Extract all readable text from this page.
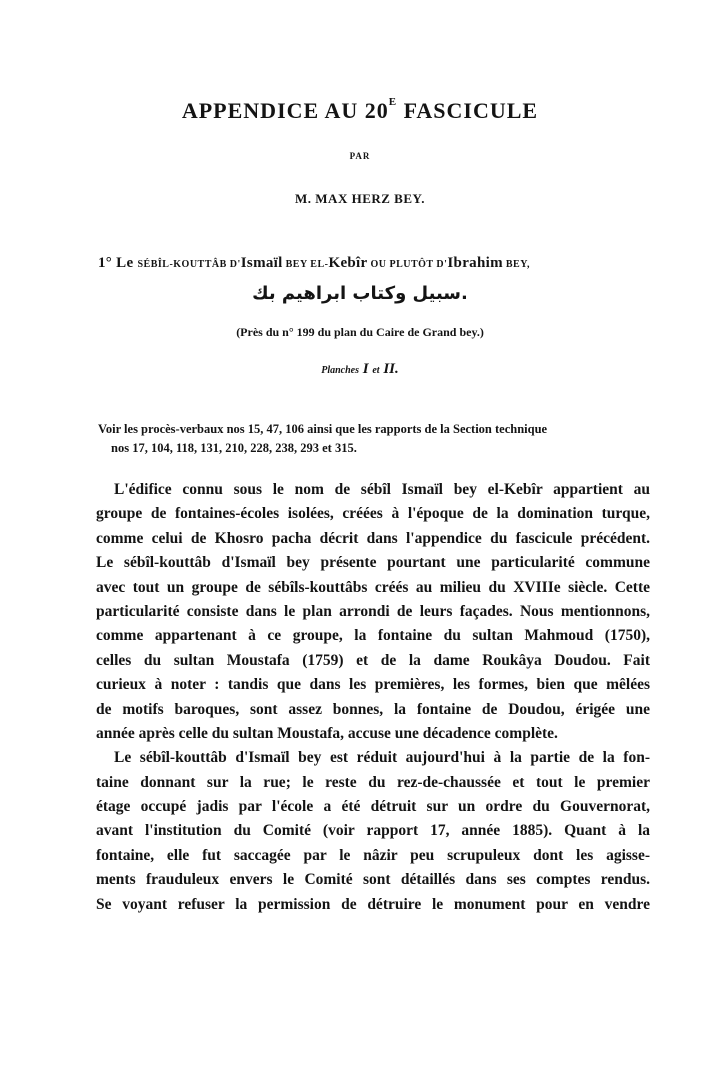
APPENDICE AU $20^E$ FASCICULE
PAR
M. MAX HERZ BEY.
1° Le SÉBÎL-KOUTTÂB D'Ismaïl BEY EL-Kebîr OU PLUTÔT D'Ibrahim BEY,
سبيل وكتاب ابراهيم بك.
(Près du n° 199 du plan du Caire de Grand bey.)
Planches I et II.
Voir les procès-verbaux nos 15, 47, 106 ainsi que les rapports de la Section technique
nos 17, 104, 118, 131, 210, 228, 238, 293 et 315.
L'édifice connu sous le nom de sébîl Ismaïl bey el-Kebîr appartient au
groupe de fontaines-écoles isolées, créées à l'époque de la domination turque,
comme celui de Khosro pacha décrit dans l'appendice du fascicule précédent.
Le sébîl-kouttâb d'Ismaïl bey présente pourtant une particularité commune
avec tout un groupe de sébîls-kouttâbs créés au milieu du XVIIIe siècle. Cette
particularité consiste dans le plan arrondi de leurs façades. Nous mentionnons,
comme appartenant à ce groupe, la fontaine du sultan Mahmoud (1750),
celles du sultan Moustafa (1759) et de la dame Roukâya Doudou. Fait
curieux à noter : tandis que dans les premières, les formes, bien que mêlées
de motifs baroques, sont assez bonnes, la fontaine de Doudou, érigée une
année après celle du sultan Moustafa, accuse une décadence complète.
Le sébîl-kouttâb d'Ismaïl bey est réduit aujourd'hui à la partie de la fon-
taine donnant sur la rue; le reste du rez-de-chaussée et tout le premier
étage occupé jadis par l'école a été détruit sur un ordre du Gouvernorat,
avant l'institution du Comité (voir rapport 17, année 1885). Quant à la
fontaine, elle fut saccagée par le nâzir peu scrupuleux dont les agisse-
ments frauduleux envers le Comité sont détaillés dans ses comptes rendus.
Se voyant refuser la permission de détruire le monument pour en vendre
